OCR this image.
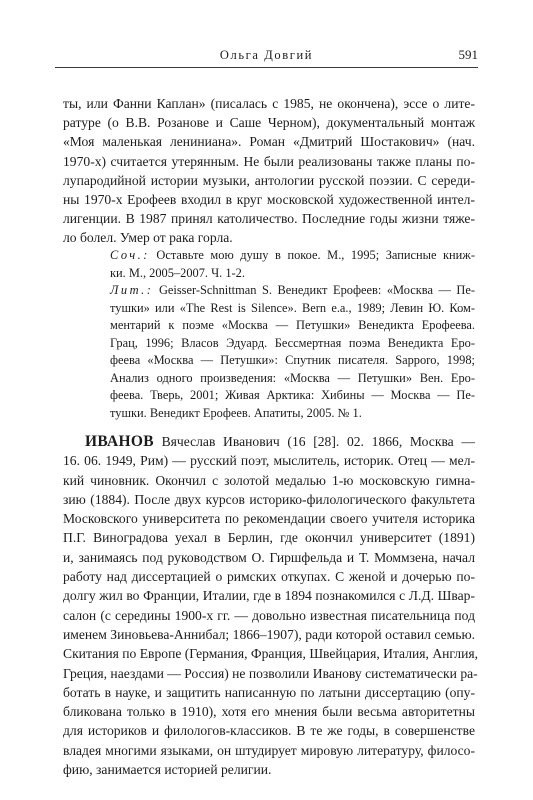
Ольга Довгий	591
ты, или Фанни Каплан» (писалась с 1985, не окончена), эссе о лите-
ратуре (о В.В. Розанове и Саше Черном), документальный монтаж
«Моя маленькая лениниана». Роман «Дмитрий Шостакович» (нач.
1970-х) считается утерянным. Не были реализованы также планы по-
лупародийной истории музыки, антологии русской поэзии. С середи-
ны 1970-х Ерофеев входил в круг московской художественной интел-
лигенции. В 1987 принял католичество. Последние годы жизни тяже-
ло болел. Умер от рака горла.
Соч.: Оставьте мою душу в покое. М., 1995; Записные книж-
ки. М., 2005–2007. Ч. 1-2.
Лит.: Geisser-Schnittman S. Венедикт Ерофеев: «Москва — Пе-
тушки» или «The Rest is Silence». Bern e.a., 1989; Левин Ю. Ком-
ментарий к поэме «Москва — Петушки» Венедикта Ерофеева.
Грац, 1996; Власов Эдуард. Бессмертная поэма Венедикта Еро-
феева «Москва — Петушки»: Спутник писателя. Sapporo, 1998;
Анализ одного произведения: «Москва — Петушки» Вен. Еро-
феева. Тверь, 2001; Живая Арктика: Хибины — Москва — Пе-
тушки. Венедикт Ерофеев. Апатиты, 2005. № 1.
ИВАНОВ Вячеслав Иванович (16 [28]. 02. 1866, Москва —
16. 06. 1949, Рим) — русский поэт, мыслитель, историк. Отец — мел-
кий чиновник. Окончил с золотой медалью 1-ю московскую гимна-
зию (1884). После двух курсов историко-филологического факультета
Московского университета по рекомендации своего учителя историка
П.Г. Виноградова уехал в Берлин, где окончил университет (1891)
и, занимаясь под руководством О. Гиршфельда и Т. Моммзена, начал
работу над диссертацией о римских откупах. С женой и дочерью по-
долгу жил во Франции, Италии, где в 1894 познакомился с Л.Д. Швар-
салон (с середины 1900-х гг. — довольно известная писательница под
именем Зиновьева-Аннибал; 1866–1907), ради которой оставил семью.
Скитания по Европе (Германия, Франция, Швейцария, Италия, Англия,
Греция, наездами — Россия) не позволили Иванову систематически ра-
ботать в науке, и защитить написанную по латыни диссертацию (опу-
бликована только в 1910), хотя его мнения были весьма авторитетны
для историков и филологов-классиков. В те же годы, в совершенстве
владея многими языками, он штудирует мировую литературу, филосо-
фию, занимается историей религии.
